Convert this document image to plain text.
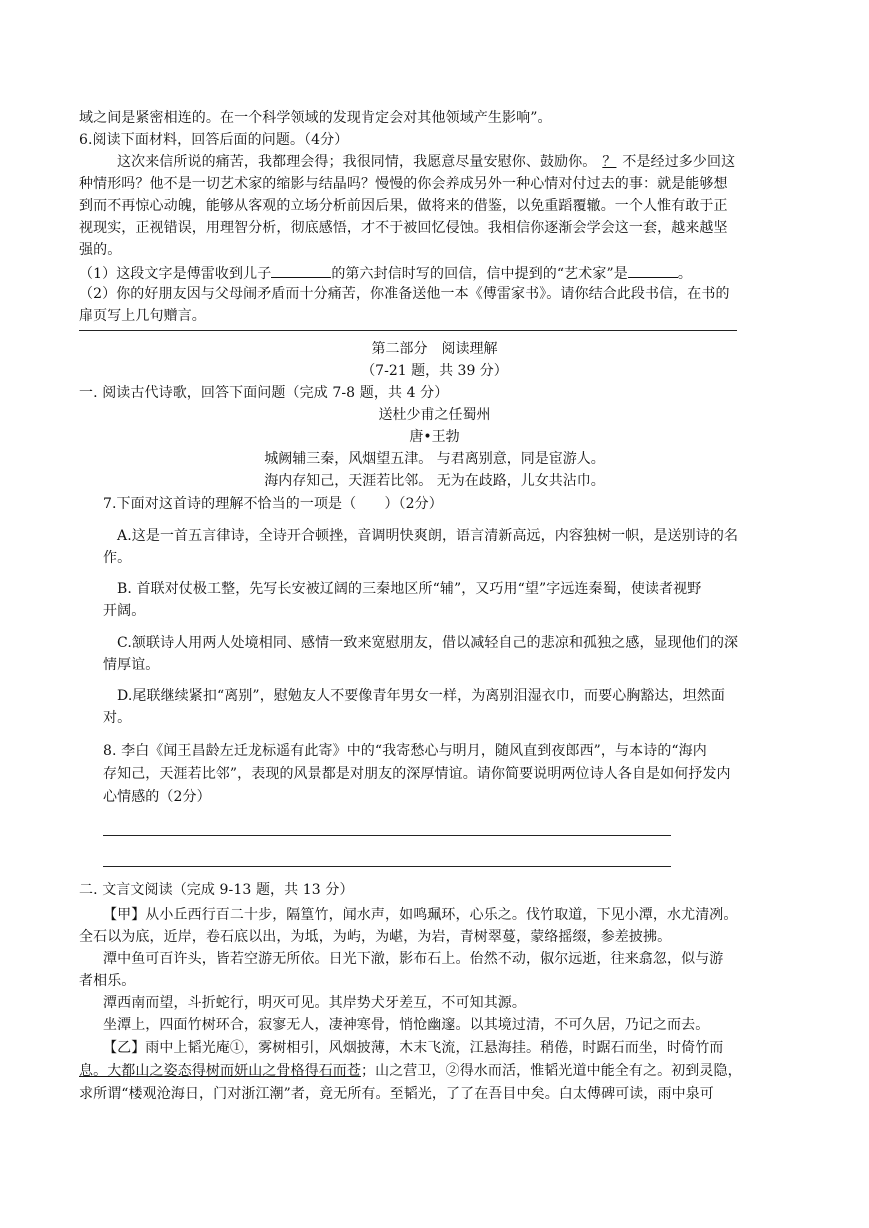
域之间是紧密相连的。在一个科学领域的发现肯定会对其他领域产生影响”。
6.阅读下面材料，回答后面的问题。（4分）
这次来信所说的痛苦，我都理会得；我很同情，我愿意尽量安慰你、鼓励你。 ？ 不是经过多少回这
种情形吗？他不是一切艺术家的缩影与结晶吗？慢慢的你会养成另外一种心情对付过去的事：就是能够想
到而不再惊心动魄，能够从客观的立场分析前因后果，做将来的借鉴，以免重蹈覆辙。一个人惟有敢于正
视现实，正视错误，用理智分析，彻底感悟，才不于被回忆侵蚀。我相信你逐渐会学会这一套，越来越坚
强的。
（1）这段文字是傅雷收到儿子	的第六封信时写的回信，信中提到的“艺术家”是	。
（2）你的好朋友因与父母闹矛盾而十分痛苦，你准备送他一本《傅雷家书》。请你结合此段书信，在书的
扉页写上几句赠言。
第二部分　阅读理解
（7-21 题，共 39 分）
一. 阅读古代诗歌，回答下面问题（完成 7-8 题，共 4 分）
送杜少甫之任蜀州
唐•王勃
城阙辅三秦，风烟望五津。 与君离别意，同是宦游人。
海内存知己，天涯若比邻。 无为在歧路，儿女共沾巾。
7.下面对这首诗的理解不恰当的一项是（　　）（2分）
A.这是一首五言律诗，全诗开合顿挫，音调明快爽朗，语言清新高远，内容独树一帜，是送别诗的名
作。
B. 首联对仗极工整，先写长安被辽阔的三秦地区所“辅”，又巧用“望”字远连秦蜀，使读者视野
开阔。
C.颔联诗人用两人处境相同、感情一致来宽慰朋友，借以减轻自己的悲凉和孤独之感，显现他们的深
情厚谊。
D.尾联继续紧扣“离别”，慰勉友人不要像青年男女一样，为离别泪湿衣巾，而要心胸豁达，坦然面
对。
8. 李白《闻王昌龄左迁龙标遥有此寄》中的“我寄愁心与明月，随风直到夜郎西”，与本诗的“海内
存知己，天涯若比邻”，表现的风景都是对朋友的深厚情谊。请你简要说明两位诗人各自是如何抒发内
心情感的（2分）
二. 文言文阅读（完成 9-13 题，共 13 分）
【甲】从小丘西行百二十步，隔篁竹，闻水声，如鸣珮环，心乐之。伐竹取道，下见小潭，水尤清冽。
全石以为底，近岸，卷石底以出，为坻，为屿，为嵁，为岩，青树翠蔓，蒙络摇缀，参差披拂。
潭中鱼可百许头，皆若空游无所依。日光下澈，影布石上。佁然不动，俶尔远逝，往来翕忽，似与游
者相乐。
潭西南而望，斗折蛇行，明灭可见。其岸势犬牙差互，不可知其源。
坐潭上，四面竹树环合，寂寥无人，凄神寒骨，悄怆幽邃。以其境过清，不可久居，乃记之而去。
【乙】雨中上韬光庵①，雾树相引，风烟披薄，木末飞流，江悬海挂。稍倦，时踞石而坐，时倚竹而
息。大都山之姿态得树而妍山之骨格得石而苍；山之营卫，②得水而活，惟韬光道中能全有之。初到灵隐，
求所谓“楼观沧海日，门对浙江潮”者，竟无所有。至韬光，了了在吾目中矣。白太傅碑可读，雨中泉可
